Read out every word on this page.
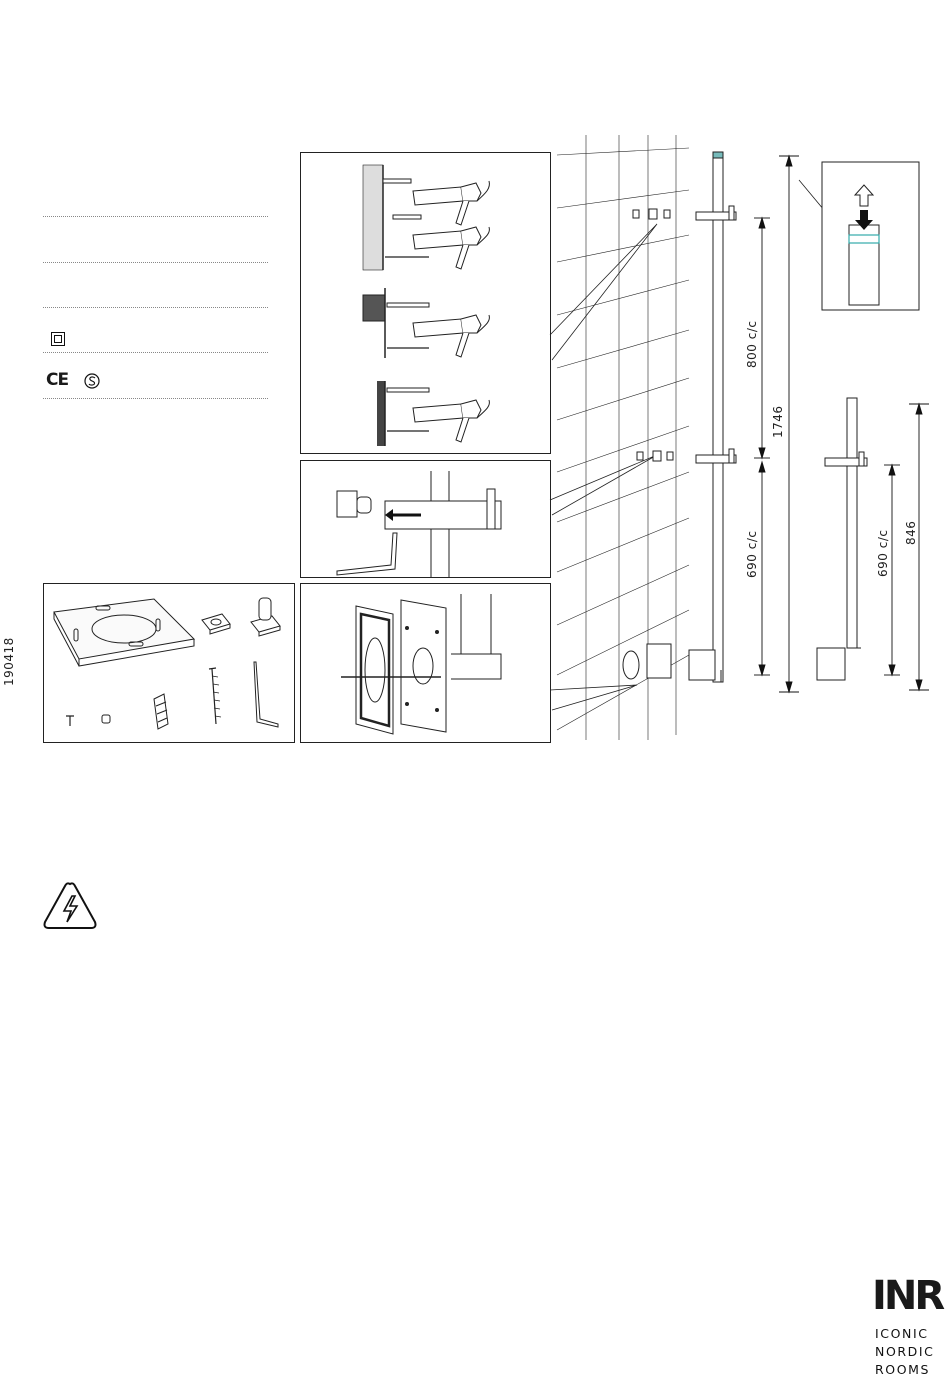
CE
190418
800 c/c
690 c/c
1746
690 c/c 846
INR
ICONIC
NORDIC
ROOMS
